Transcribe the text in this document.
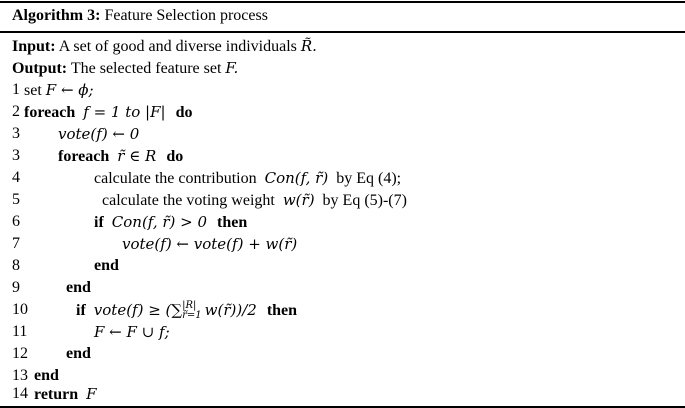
Algorithm 3: Feature Selection process
Input: A set of good and diverse individuals R̃.
Output: The selected feature set F.
1 set F ← ϕ;
2 foreach f = 1 to |F| do
3	vote(f) ← 0
3 foreach r̃ ∈ R do
4	calculate the contribution Con(f, r̃) by Eq (4);
5	calculate the voting weight w(r̃) by Eq (5)-(7)
6	if Con(f, r̃) > 0 then
7	vote(f) ← vote(f) + w(r̃)
8	end
9	end
10	if vote(f) ≥ (∑ |R|
r̃=1 w(r̃))/2 then
11	F ← F ∪ f;
12 end
13 end
14 return F
